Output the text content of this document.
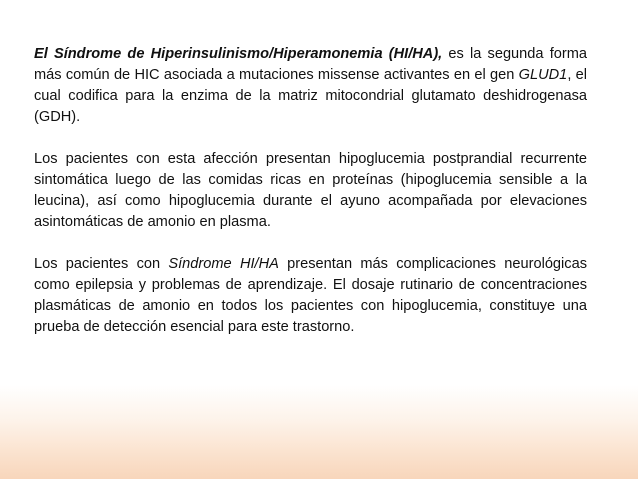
El Síndrome de Hiperinsulinismo/Hiperamonemia (HI/HA), es la segunda forma más común de HIC asociada a mutaciones missense activantes en el gen GLUD1, el cual codifica para la enzima de la matriz mitocondrial glutamato deshidrogenasa (GDH).

Los pacientes con esta afección presentan hipoglucemia postprandial recurrente sintomática luego de las comidas ricas en proteínas (hipoglucemia sensible a la leucina), así como hipoglucemia durante el ayuno acompañada por elevaciones asintomáticas de amonio en plasma.

Los pacientes con Síndrome HI/HA presentan más complicaciones neurológicas como epilepsia y problemas de aprendizaje. El dosaje rutinario de concentraciones plasmáticas de amonio en todos los pacientes con hipoglucemia, constituye una prueba de detección esencial para este trastorno.
